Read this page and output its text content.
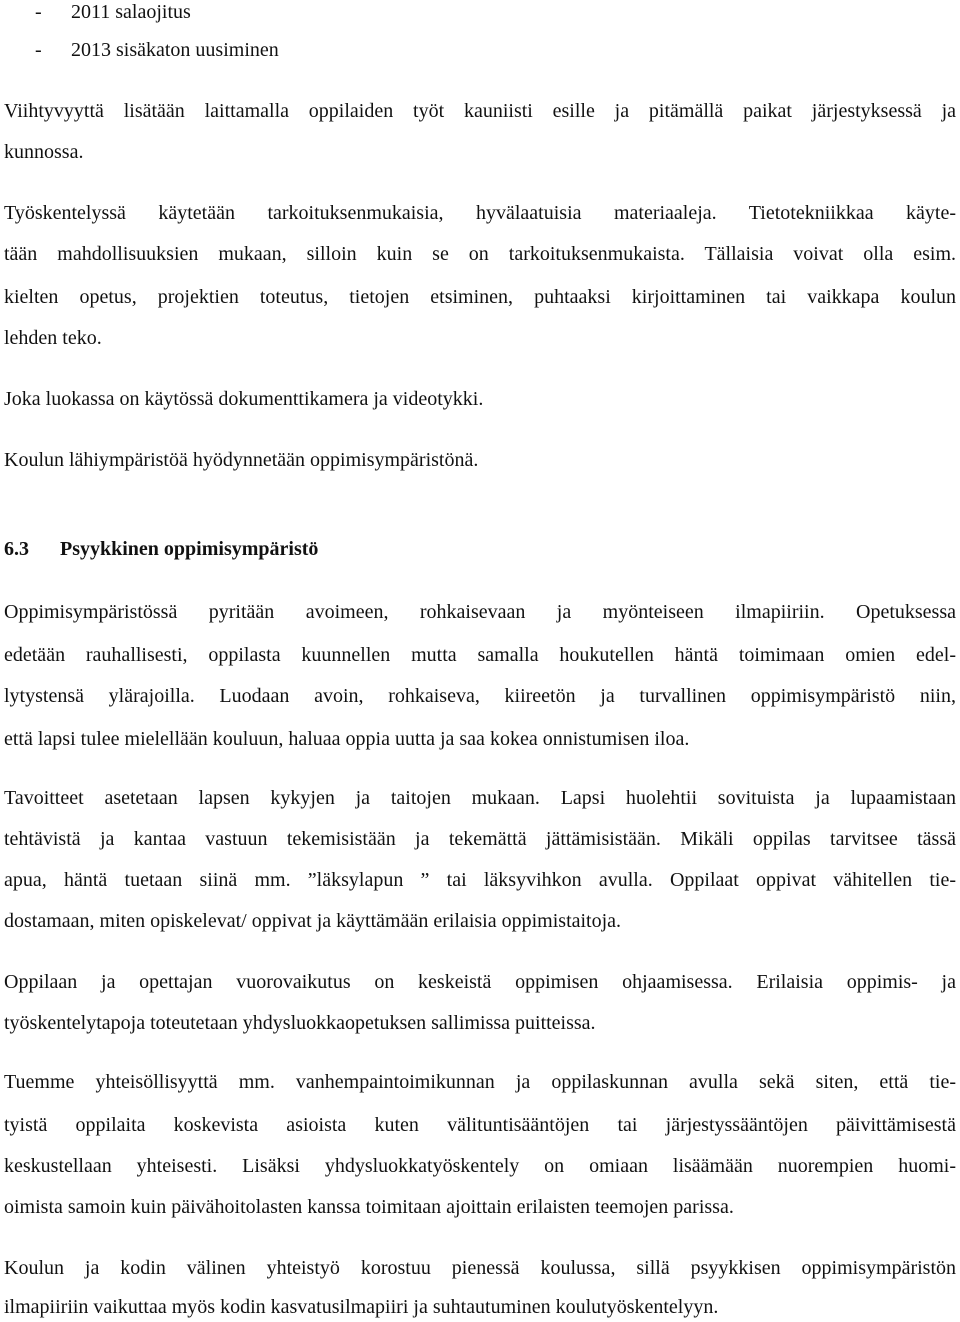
- 2011 salaojitus
- 2013 sisäkaton uusiminen
Viihtyvyyttä lisätään laittamalla oppilaiden työt kauniisti esille ja pitämällä paikat järjestyksessä ja
kunnossa.
Työskentelyssä käytetään tarkoituksenmukaisia, hyvälaatuisia materiaaleja. Tietotekniikkaa käyte-
tään mahdollisuuksien mukaan, silloin kuin se on tarkoituksenmukaista. Tällaisia voivat olla esim.
kielten opetus, projektien toteutus, tietojen etsiminen, puhtaaksi kirjoittaminen tai vaikkapa koulun
lehden teko.
Joka luokassa on käytössä dokumenttikamera ja videotykki.
Koulun lähiympäristöä hyödynnetään oppimisympäristönä.
6.3 Psyykkinen oppimisympäristö
Oppimisympäristössä pyritään avoimeen, rohkaisevaan ja myönteiseen ilmapiiriin. Opetuksessa
edetään rauhallisesti, oppilasta kuunnellen mutta samalla houkutellen häntä toimimaan omien edel-
lytystensä ylärajoilla. Luodaan avoin, rohkaiseva, kiireetön ja turvallinen oppimisympäristö niin,
että lapsi tulee mielellään kouluun, haluaa oppia uutta ja saa kokea onnistumisen iloa.
Tavoitteet asetetaan lapsen kykyjen ja taitojen mukaan. Lapsi huolehtii sovituista ja lupaamistaan
tehtävistä ja kantaa vastuun tekemisistään ja tekemättä jättämisistään. Mikäli oppilas tarvitsee tässä
apua, häntä tuetaan siinä mm. ”läksylapun ” tai läksyvihkon avulla. Oppilaat oppivat vähitellen tie-
dostamaan, miten opiskelevat/ oppivat ja käyttämään erilaisia oppimistaitoja.
Oppilaan ja opettajan vuorovaikutus on keskeistä oppimisen ohjaamisessa. Erilaisia oppimis- ja
työskentelytapoja toteutetaan yhdysluokkaopetuksen sallimissa puitteissa.
Tuemme yhteisöllisyyttä mm. vanhempaintoimikunnan ja oppilaskunnan avulla sekä siten, että tie-
tyistä oppilaita koskevista asioista kuten välituntisääntöjen tai järjestyssääntöjen päivittämisestä
keskustellaan yhteisesti. Lisäksi yhdysluokkatyöskentely on omiaan lisäämään nuorempien huomi-
oimista samoin kuin päivähoitolasten kanssa toimitaan ajoittain erilaisten teemojen parissa.
Koulun ja kodin välinen yhteistyö korostuu pienessä koulussa, sillä psyykkisen oppimisympäristön
ilmapiiriin vaikuttaa myös kodin kasvatusilmapiiri ja suhtautuminen koulutyöskentelyyn.
